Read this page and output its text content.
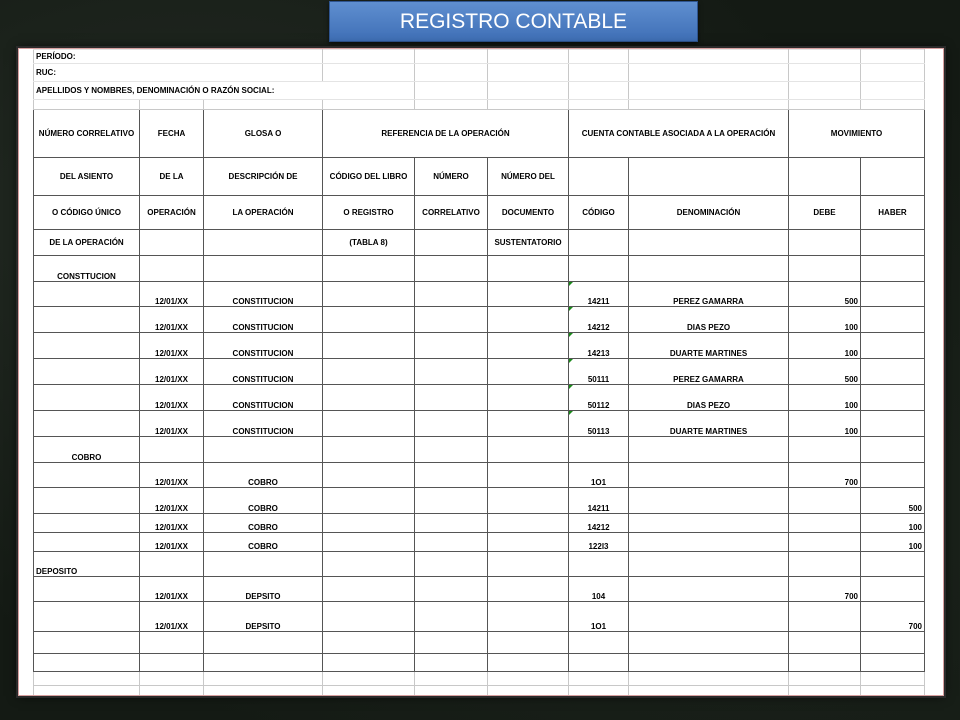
REGISTRO CONTABLE
PERÍODO:									
RUC:									
APELLIDOS Y NOMBRES, DENOMINACIÓN O RAZÓN SOCIAL:									

NÚMERO CORRELATIVO	FECHA	GLOSA O	REFERENCIA DE LA OPERACIÓN			CUENTA CONTABLE ASOCIADA A LA OPERACIÓN		MOVIMIENTO	
DEL ASIENTO	DE LA	DESCRIPCIÓN DE	CÓDIGO DEL LIBRO	NÚMERO	NÚMERO DEL				
O CÓDIGO ÚNICO	OPERACIÓN	LA OPERACIÓN	O REGISTRO	CORRELATIVO	DOCUMENTO	CÓDIGO	DENOMINACIÓN	DEBE	HABER
DE LA OPERACIÓN			(TABLA 8)		SUSTENTATORIO				
CONSTTUCION									
	12/01/XX	CONSTITUCION				14211	PEREZ GAMARRA	500	
	12/01/XX	CONSTITUCION				14212	DIAS PEZO	100	
	12/01/XX	CONSTITUCION				14213	DUARTE MARTINES	100	
	12/01/XX	CONSTITUCION				50111	PEREZ GAMARRA	500	
	12/01/XX	CONSTITUCION				50112	DIAS PEZO	100	
	12/01/XX	CONSTITUCION				50113	DUARTE MARTINES	100	
COBRO									
	12/01/XX	COBRO				1O1		700	
	12/01/XX	COBRO				14211			500
	12/01/XX	COBRO				14212			100
	12/01/XX	COBRO				122l3			100
DEPOSITO									
	12/01/XX	DEPSITO				104		700	
	12/01/XX	DEPSITO				1O1			700
